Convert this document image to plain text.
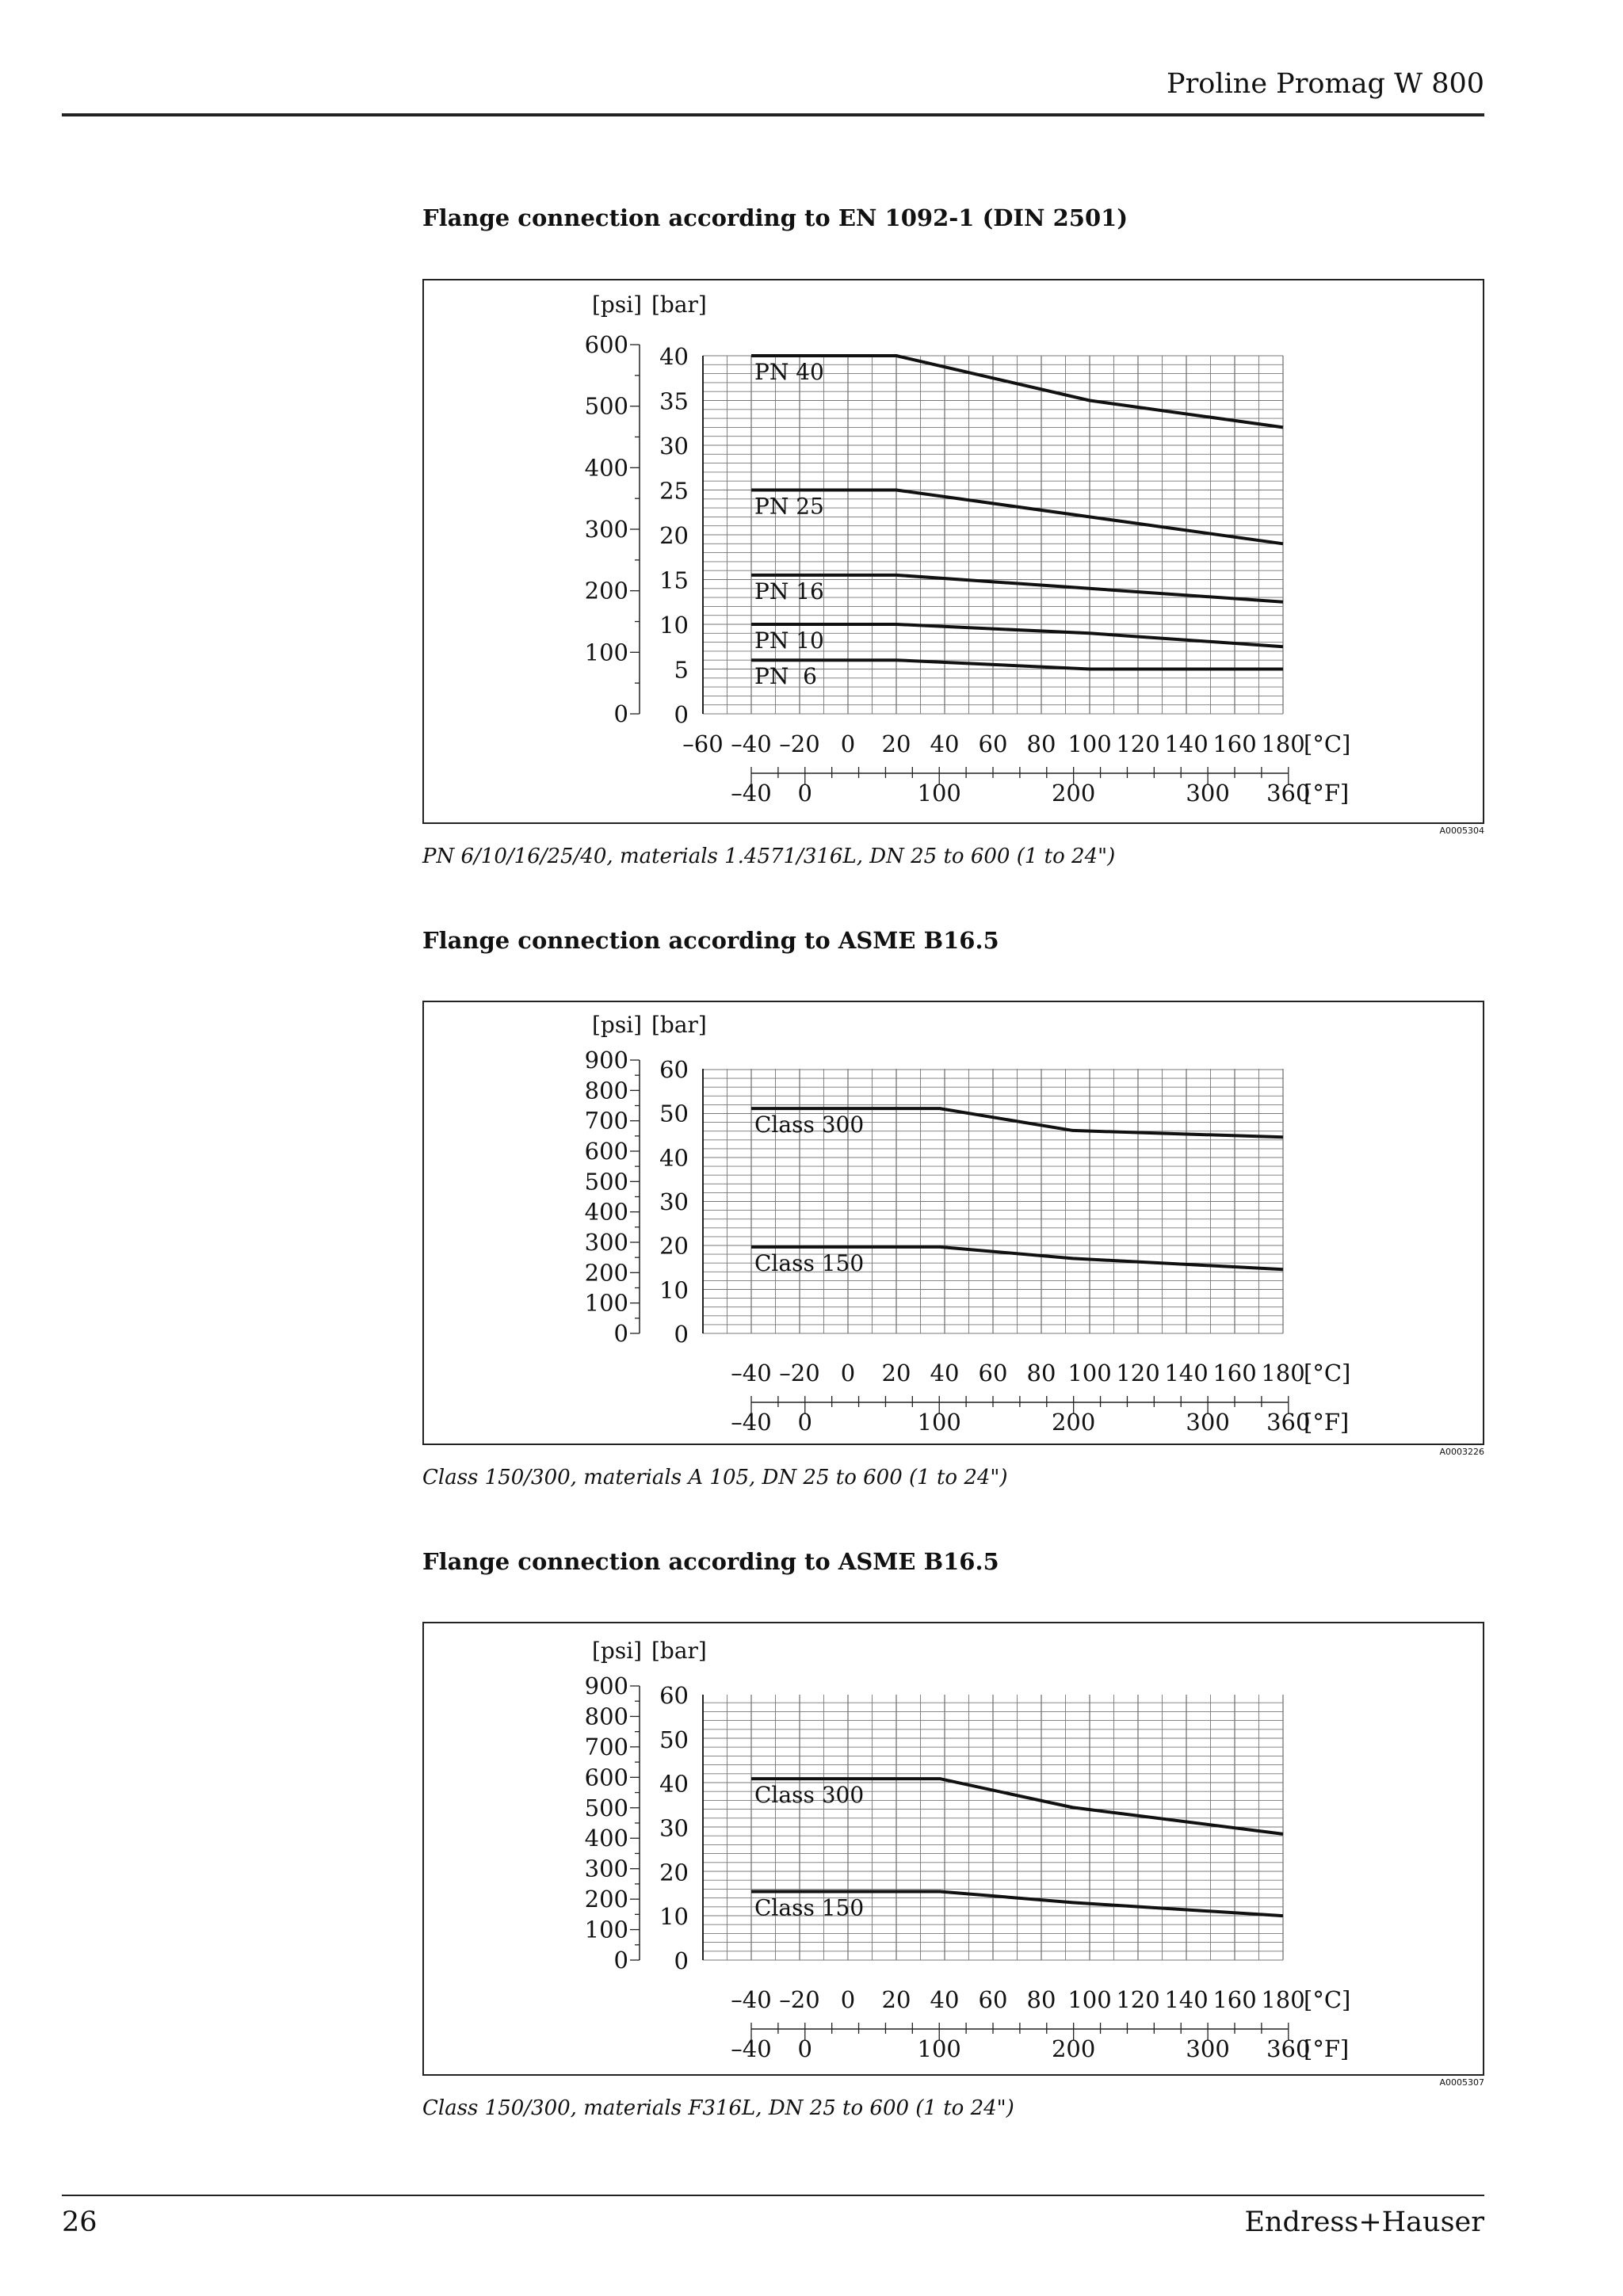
Proline Promag W 800
Flange connection according to EN 1092-1 (DIN 2501)
[psi] [bar]
0
5
10
15
20
25
30
35
40
0
100
200
300
400
500
600
–60 –40 –20 0 20 40 60 80 100 120 140 160 180
[°C]
–40 0	100	200	300 360
[°F]
PN 40
PN 25
PN 16
PN 10
PN  6
A0005304
PN 6/10/16/25/40, materials 1.4571/316L, DN 25 to 600 (1 to 24")
Flange connection according to ASME B16.5
[psi] [bar]
0
10
20
30
40
50
60
0
100
200
300
400
500
600
700
800
900
–40 –20 0 20 40 60 80 100 120 140 160 180
[°C]
–40 0	100	200	300 360
[°F]
Class 300
Class 150
A0003226
Class 150/300, materials A 105, DN 25 to 600 (1 to 24")
Flange connection according to ASME B16.5
[psi] [bar]
0
10
20
30
40
50
60
0
100
200
300
400
500
600
700
800
900
–40 –20 0 20 40 60 80 100 120 140 160 180
[°C]
–40 0	100	200	300 360
[°F]
Class 300
Class 150
A0005307
Class 150/300, materials F316L, DN 25 to 600 (1 to 24")
26	Endress+Hauser
